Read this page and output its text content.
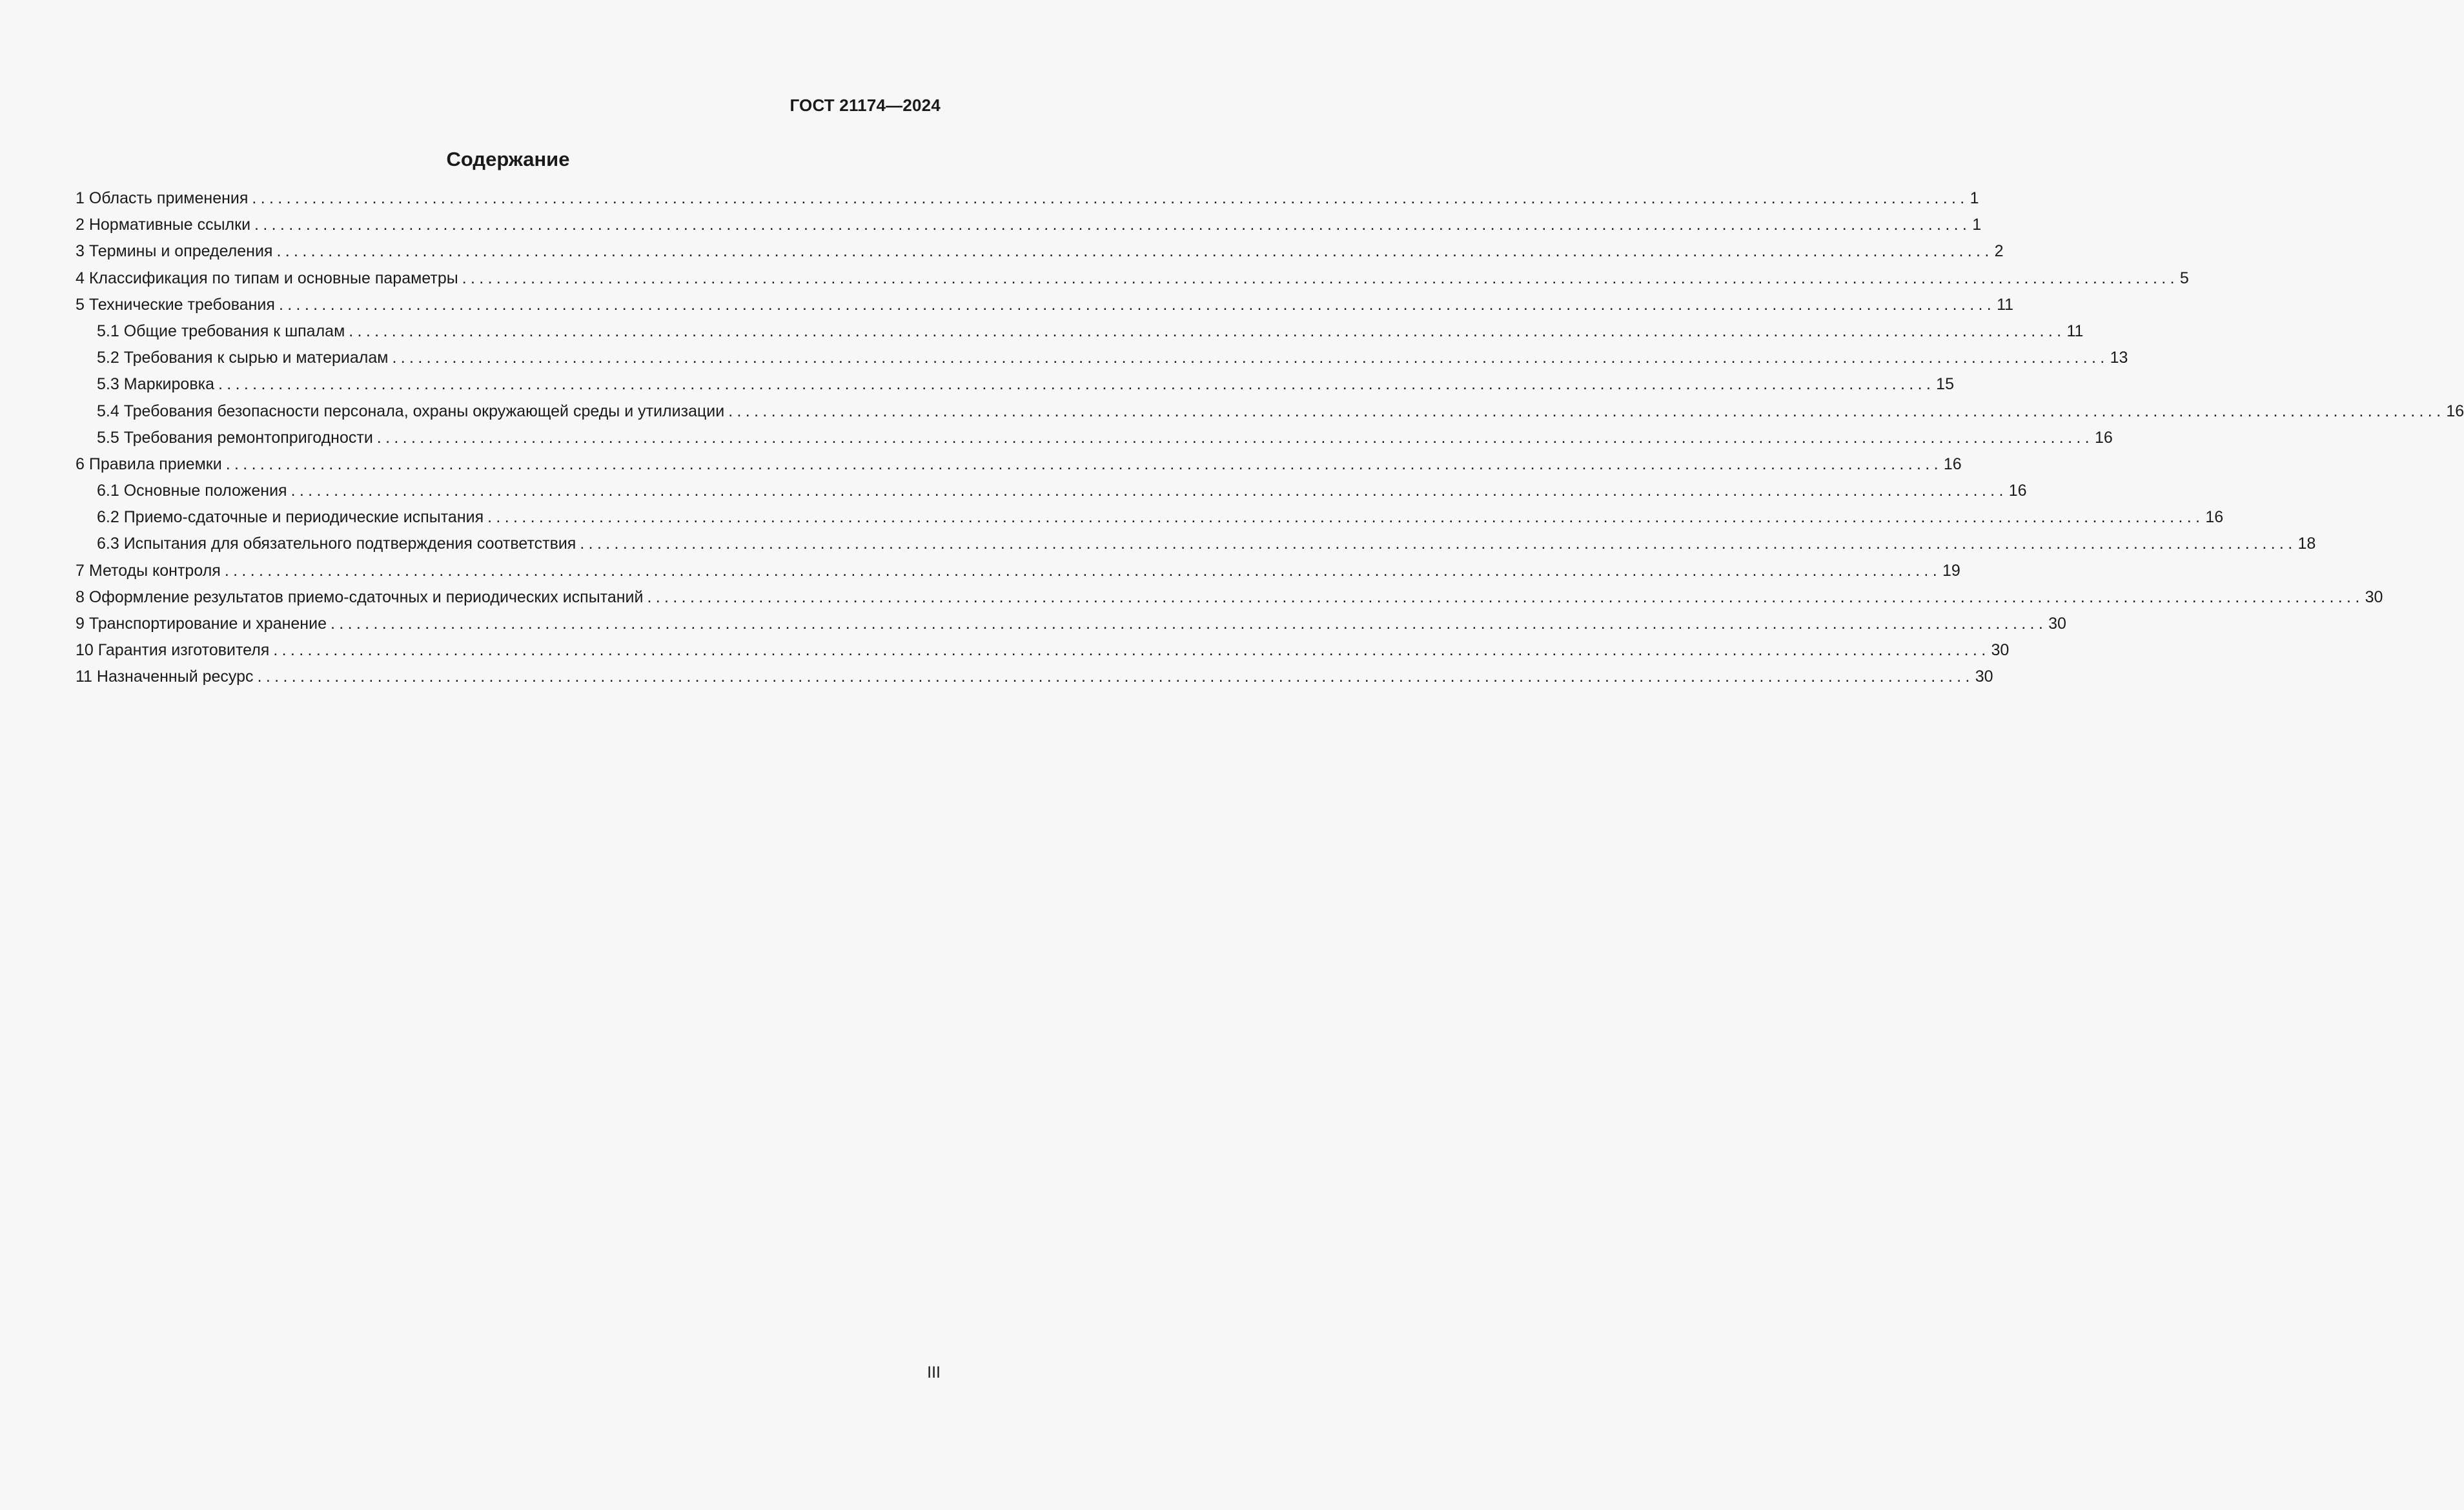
ГОСТ 21174—2024
Содержание
1 Область применения ........................................................................................................................................................................................................ 1
2 Нормативные ссылки ........................................................................................................................................................................................................ 1
3 Термины и определения ........................................................................................................................................................................................................ 2
4 Классификация по типам и основные параметры ........................................................................................................................................................................................................ 5
5 Технические требования ........................................................................................................................................................................................................ 11
5.1 Общие требования к шпалам ........................................................................................................................................................................................................ 11
5.2 Требования к сырью и материалам ........................................................................................................................................................................................................ 13
5.3 Маркировка ........................................................................................................................................................................................................ 15
5.4 Требования безопасности персонала, охраны окружающей среды и утилизации ........................................................................................................................................................................................................ 16
5.5 Требования ремонтопригодности ........................................................................................................................................................................................................ 16
6 Правила приемки ........................................................................................................................................................................................................ 16
6.1 Основные положения ........................................................................................................................................................................................................ 16
6.2 Приемо-сдаточные и периодические испытания ........................................................................................................................................................................................................ 16
6.3 Испытания для обязательного подтверждения соответствия ........................................................................................................................................................................................................ 18
7 Методы контроля ........................................................................................................................................................................................................ 19
8 Оформление результатов приемо-сдаточных и периодических испытаний ........................................................................................................................................................................................................ 30
9 Транспортирование и хранение ........................................................................................................................................................................................................ 30
10 Гарантия изготовителя ........................................................................................................................................................................................................ 30
11 Назначенный ресурс ........................................................................................................................................................................................................ 30
III
